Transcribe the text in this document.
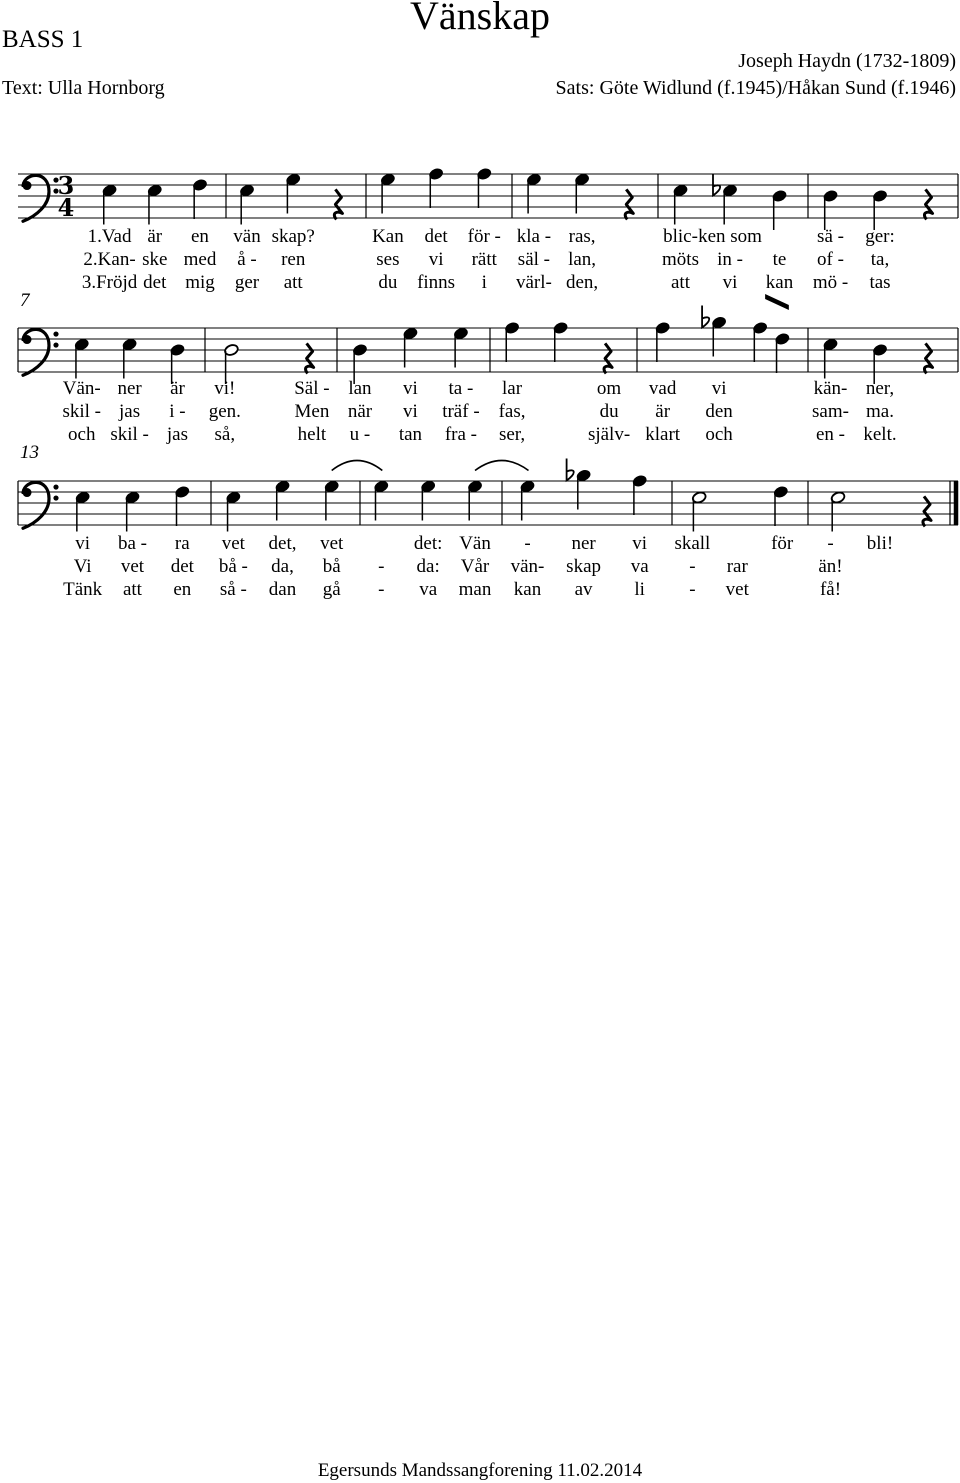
Vänskap
BASS 1
Text: Ulla Hornborg
Joseph Haydn (1732-1809)
Sats: Göte Widlund (f.1945)/Håkan Sund (f.1946)
3
4
1.Vad är en vän skap?	Kan det för - kla - ras,	blic- ken som	sä - ger:
2.Kan- ske med å - ren	ses vi rätt säl - lan,	möts in - te of - ta,
3.Fröjd det mig ger att	du finns i värl- den,	att vi kan mö - tas
Vän- ner är vi!	Säl - lan vi ta - lar	om vad vi	kän- ner,
skil - jas i - gen.	Men när vi träf - fas,	du är den	sam- ma.
och skil - jas så,	helt u - tan fra - ser,	själv- klart och	en - kelt.
vi ba - ra vet det, vet	det: Vän - ner vi skall	för - bli!
Vi vet det bå - da, bå - da: Vår vän- skap va - rar	än!
Tänk att en så - dan gå - va man kan av li - vet	få!
7
13
Egersunds Mandssangforening 11.02.2014
